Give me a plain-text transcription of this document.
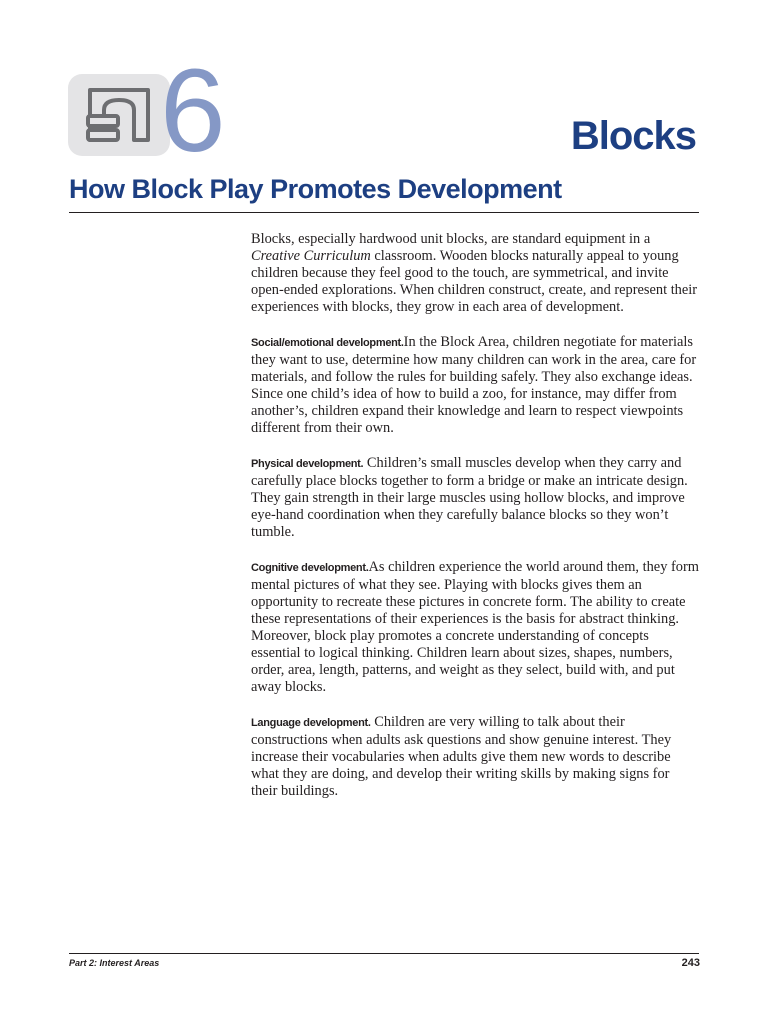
6	Blocks
How Block Play Promotes Development

Blocks, especially hardwood unit blocks, are standard equipment in a Creative Curriculum classroom. Wooden blocks naturally appeal to young children because they feel good to the touch, are symmetrical, and invite open-ended explorations. When children construct, create, and represent their experiences with blocks, they grow in each area of development.

Social/emotional development.In the Block Area, children negotiate for materials they want to use, determine how many children can work in the area, care for materials, and follow the rules for building safely. They also exchange ideas. Since one child’s idea of how to build a zoo, for instance, may differ from another’s, children expand their knowledge and learn to respect viewpoints different from their own.

Physical development. Children’s small muscles develop when they carry and carefully place blocks together to form a bridge or make an intricate design. They gain strength in their large muscles using hollow blocks, and improve eye-hand coordination when they carefully balance blocks so they won’t tumble.

Cognitive development.As children experience the world around them, they form mental pictures of what they see. Playing with blocks gives them an opportunity to recreate these pictures in concrete form. The ability to create these representations of their experiences is the basis for abstract thinking. Moreover, block play promotes a concrete understanding of concepts essential to logical thinking. Children learn about sizes, shapes, numbers, order, area, length, patterns, and weight as they select, build with, and put away blocks.

Language development. Children are very willing to talk about their constructions when adults ask questions and show genuine interest. They increase their vocabularies when adults give them new words to describe what they are doing, and develop their writing skills by making signs for their buildings.

Part 2: Interest Areas	243
